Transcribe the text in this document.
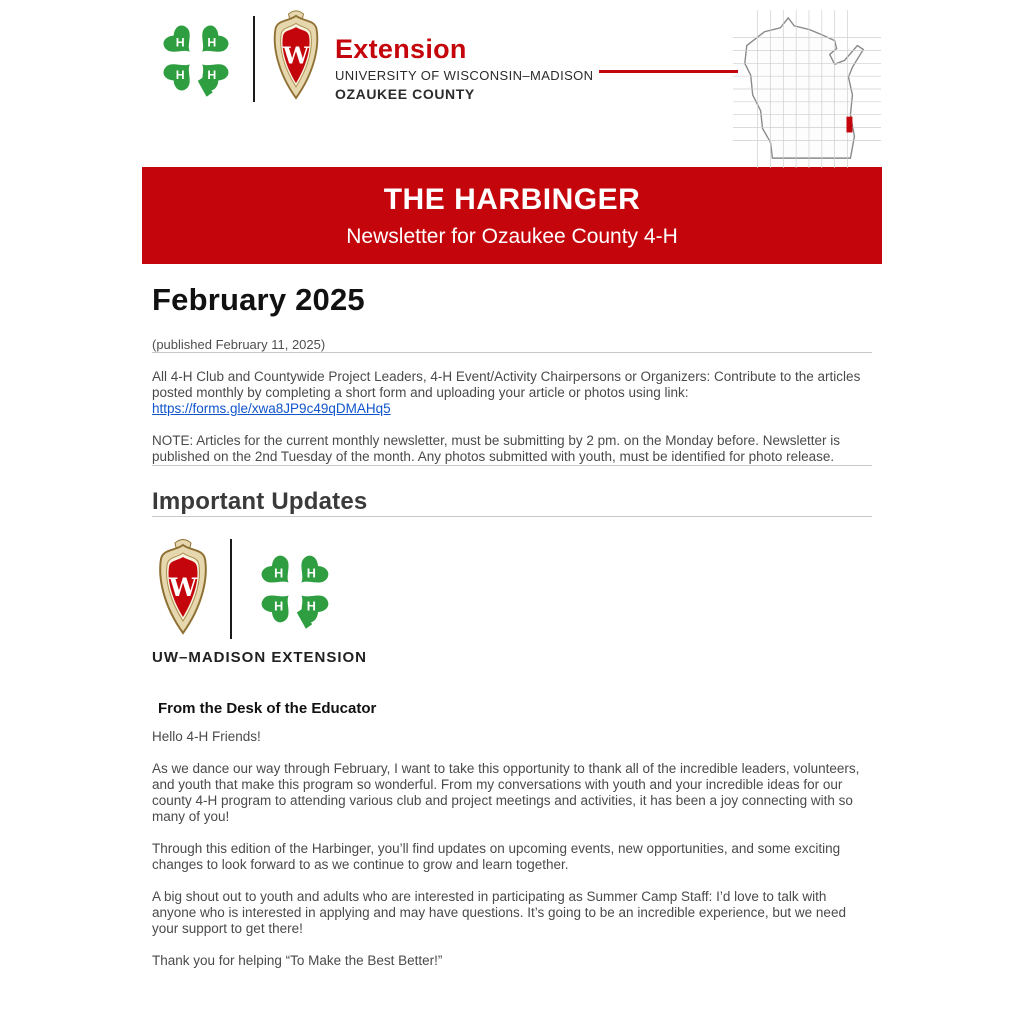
Extension
UNIVERSITY OF WISCONSIN–MADISON
OZAUKEE COUNTY
THE HARBINGER
Newsletter for Ozaukee County 4-H
February 2025
(published February 11, 2025)

All 4-H Club and Countywide Project Leaders, 4-H Event/Activity Chairpersons or Organizers: Contribute to the articles posted monthly by completing a short form and uploading your article or photos using link: https://forms.gle/xwa8JP9c49qDMAHq5

NOTE: Articles for the current monthly newsletter, must be submitting by 2 pm. on the Monday before. Newsletter is published on the 2nd Tuesday of the month. Any photos submitted with youth, must be identified for photo release.

Important Updates
UW–MADISON EXTENSION
From the Desk of the Educator

Hello 4-H Friends!

As we dance our way through February, I want to take this opportunity to thank all of the incredible leaders, volunteers, and youth that make this program so wonderful. From my conversations with youth and your incredible ideas for our county 4-H program to attending various club and project meetings and activities, it has been a joy connecting with so many of you!

Through this edition of the Harbinger, you’ll find updates on upcoming events, new opportunities, and some exciting changes to look forward to as we continue to grow and learn together.

A big shout out to youth and adults who are interested in participating as Summer Camp Staff: I’d love to talk with anyone who is interested in applying and may have questions. It’s going to be an incredible experience, but we need your support to get there!

Thank you for helping “To Make the Best Better!”
